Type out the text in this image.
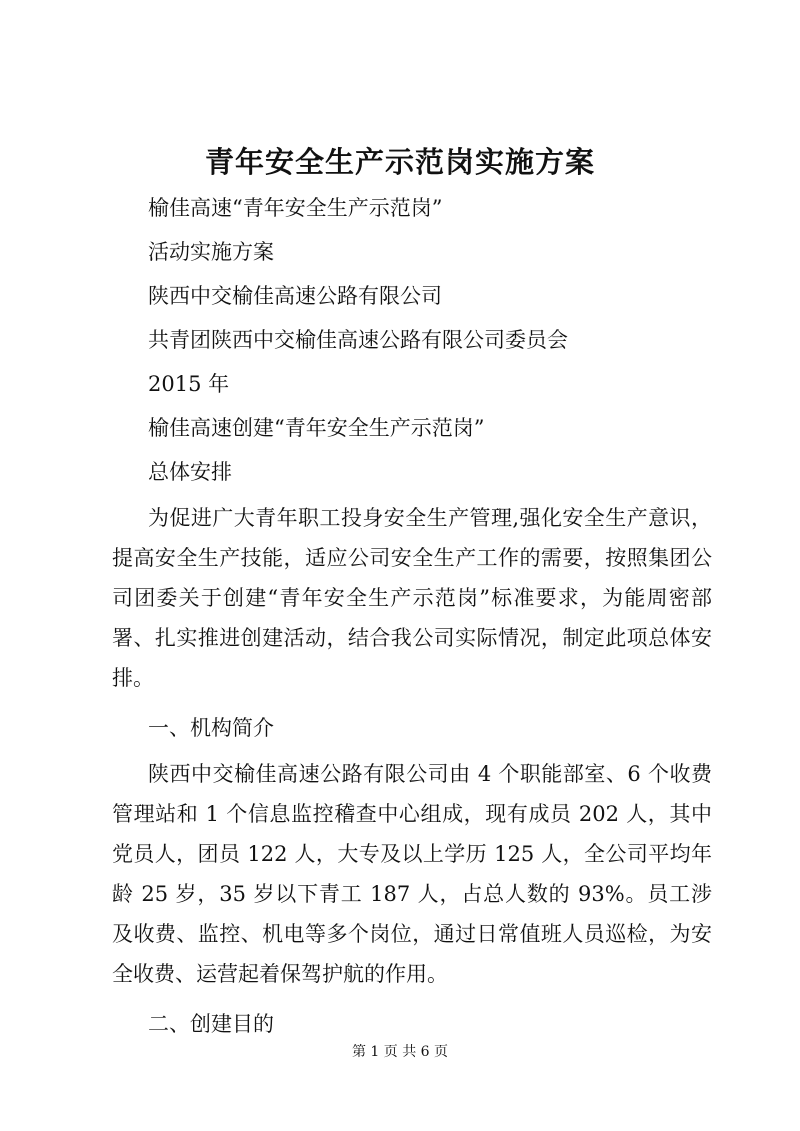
青年安全生产示范岗实施方案
榆佳高速“青年安全生产示范岗”
活动实施方案
陕西中交榆佳高速公路有限公司
共青团陕西中交榆佳高速公路有限公司委员会
2015 年
榆佳高速创建“青年安全生产示范岗”
总体安排
为促进广大青年职工投身安全生产管理,强化安全生产意识，提高安全生产技能，适应公司安全生产工作的需要，按照集团公司团委关于创建“青年安全生产示范岗”标准要求，为能周密部署、扎实推进创建活动，结合我公司实际情况，制定此项总体安排。
一、机构简介
陕西中交榆佳高速公路有限公司由 4 个职能部室、6 个收费管理站和 1 个信息监控稽查中心组成，现有成员 202 人，其中党员人，团员 122 人，大专及以上学历 125 人，全公司平均年龄 25 岁，35 岁以下青工 187 人，占总人数的 93%。员工涉及收费、监控、机电等多个岗位，通过日常值班人员巡检，为安全收费、运营起着保驾护航的作用。
二、创建目的
第 1 页 共 6 页
